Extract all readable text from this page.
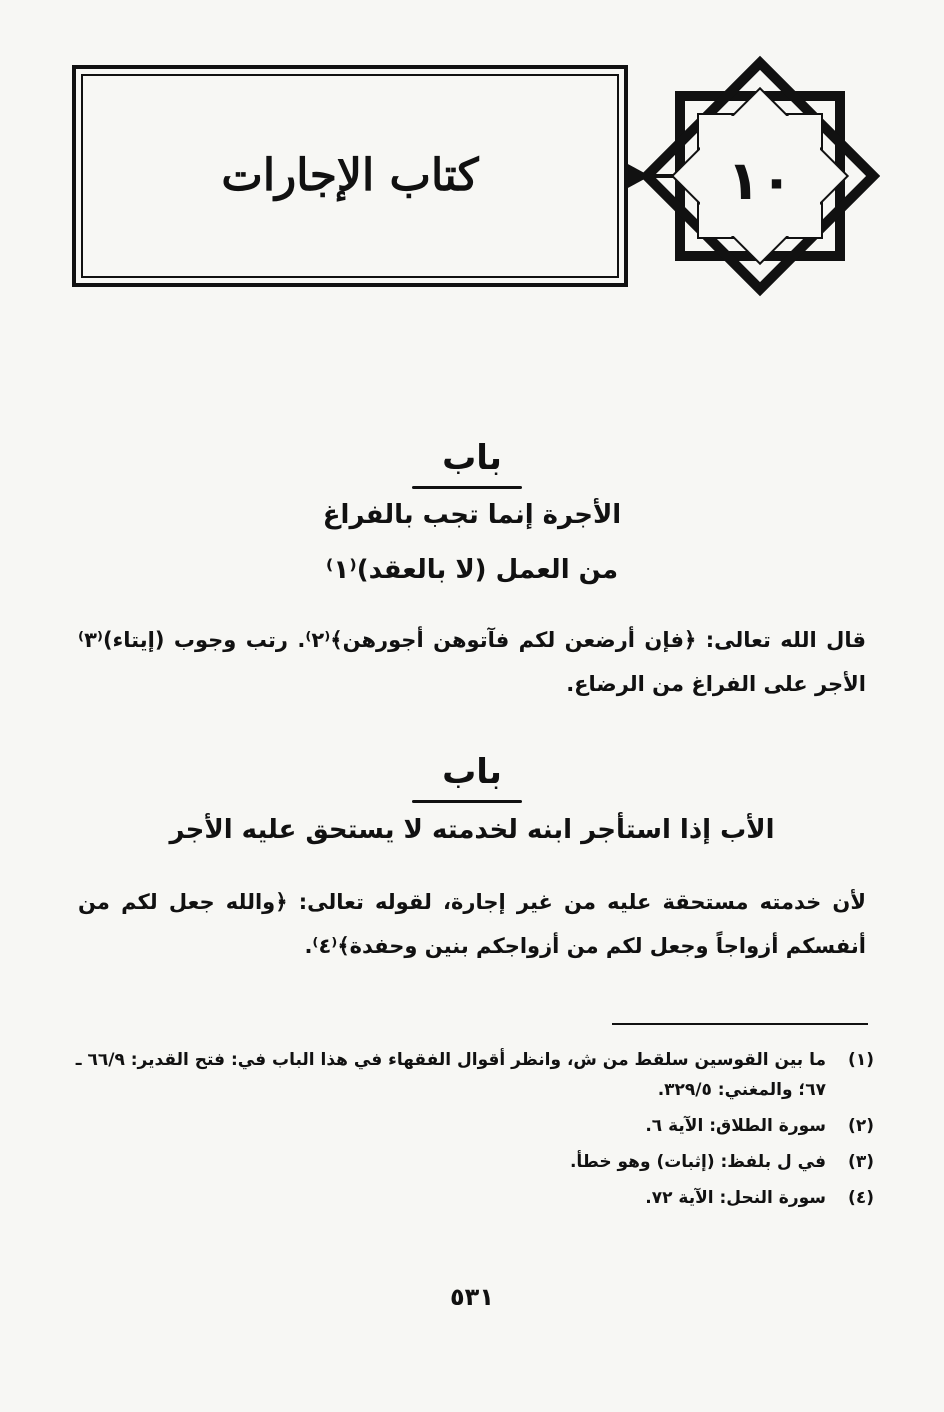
كتاب الإجارات	١٠
باب
الأجرة إنما تجب بالفراغ
من العمل (لا بالعقد)⁽١⁾
قال الله تعالى: ﴿فإن أرضعن لكم فآتوهن أجورهن﴾⁽٢⁾. رتب وجوب (إيتاء)⁽٣⁾ الأجر على الفراغ من الرضاع.
باب
الأب إذا استأجر ابنه لخدمته لا يستحق عليه الأجر
لأن خدمته مستحقة عليه من غير إجارة، لقوله تعالى: ﴿والله جعل لكم من أنفسكم أزواجاً وجعل لكم من أزواجكم بنين وحفدة﴾⁽٤⁾.
(١)
ما بين القوسين سلقط من ش، وانظر أقوال الفقهاء في هذا الباب في: فتح القدير: ٦٦/٩ ـ ٦٧؛ والمغني: ٣٢٩/٥.
(٢)
سورة الطلاق: الآية ٦.
(٣)
في ل بلفظ: (إثبات) وهو خطأ.
(٤)
سورة النحل: الآية ٧٢.
٥٣١
